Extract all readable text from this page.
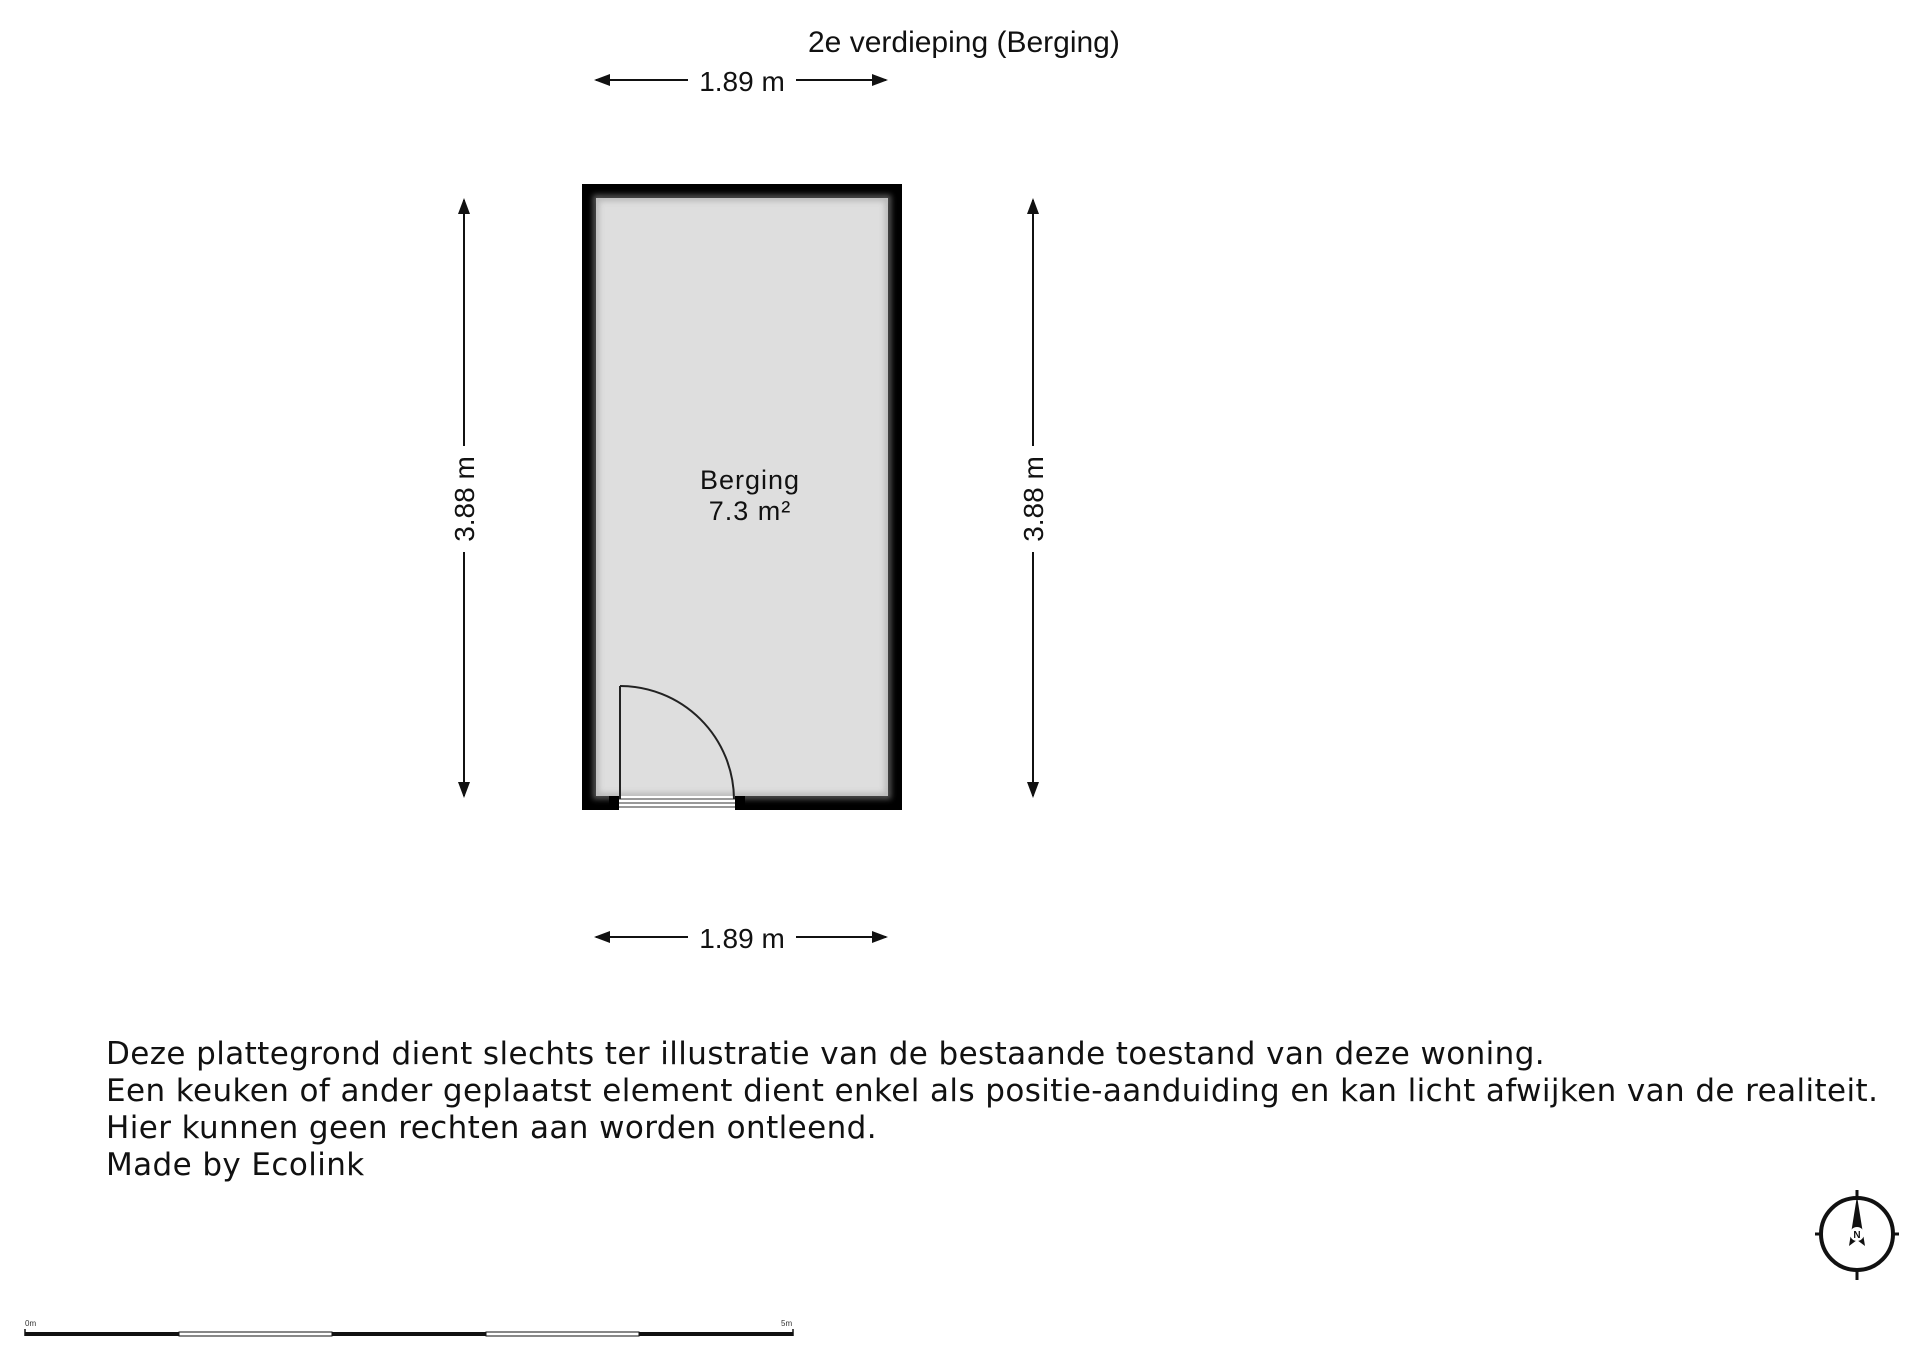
2e verdieping (Berging)
1.89 m
3.88 m	3.88 m
1.89 m
Berging
7.3 m²
N
0m	5m
Deze plattegrond dient slechts ter illustratie van de bestaande toestand van deze woning.
Een keuken of ander geplaatst element dient enkel als positie-aanduiding en kan licht afwijken van de realiteit.
Hier kunnen geen rechten aan worden ontleend.
Made by Ecolink
